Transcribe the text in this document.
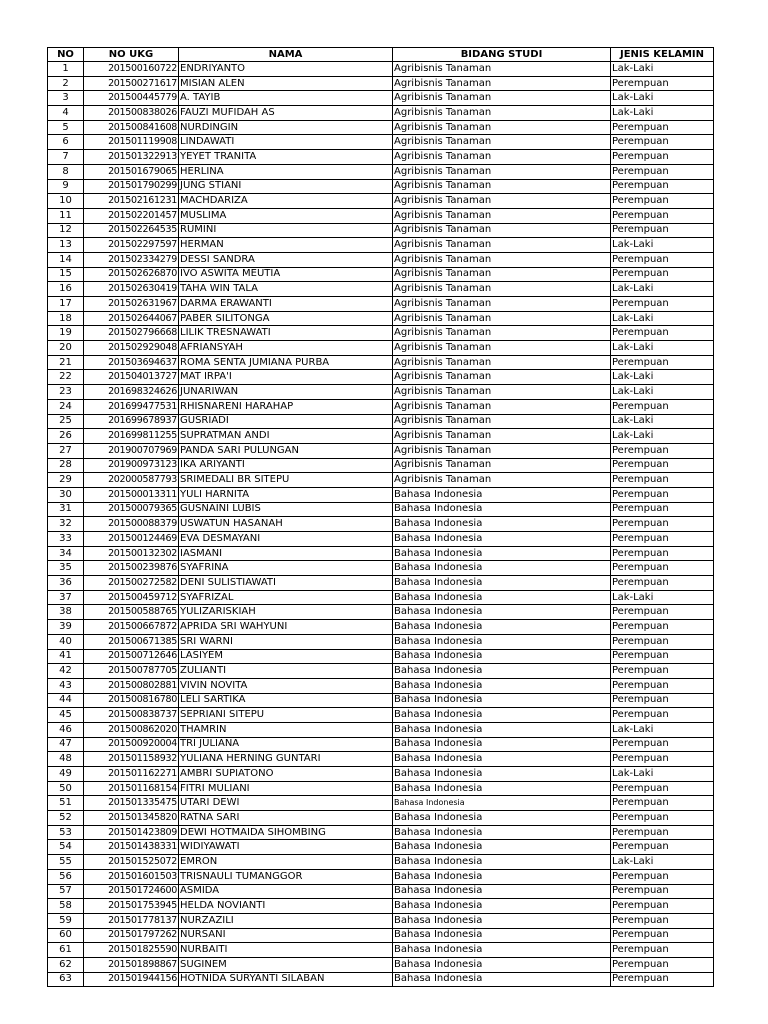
NO	NO UKG	NAMA	BIDANG STUDI	JENIS KELAMIN
1	201500160722	ENDRIYANTO	Agribisnis Tanaman	Lak-Laki
2	201500271617	MISIAN ALEN	Agribisnis Tanaman	Perempuan
3	201500445779	A. TAYIB	Agribisnis Tanaman	Lak-Laki
4	201500838026	FAUZI MUFIDAH AS	Agribisnis Tanaman	Lak-Laki
5	201500841608	NURDINGIN	Agribisnis Tanaman	Perempuan
6	201501119908	LINDAWATI	Agribisnis Tanaman	Perempuan
7	201501322913	YEYET TRANITA	Agribisnis Tanaman	Perempuan
8	201501679065	HERLINA	Agribisnis Tanaman	Perempuan
9	201501790299	JUNG STIANI	Agribisnis Tanaman	Perempuan
10	201502161231	MACHDARIZA	Agribisnis Tanaman	Perempuan
11	201502201457	MUSLIMA	Agribisnis Tanaman	Perempuan
12	201502264535	RUMINI	Agribisnis Tanaman	Perempuan
13	201502297597	HERMAN	Agribisnis Tanaman	Lak-Laki
14	201502334279	DESSI SANDRA	Agribisnis Tanaman	Perempuan
15	201502626870	IVO ASWITA MEUTIA	Agribisnis Tanaman	Perempuan
16	201502630419	TAHA WIN TALA	Agribisnis Tanaman	Lak-Laki
17	201502631967	DARMA ERAWANTI	Agribisnis Tanaman	Perempuan
18	201502644067	PABER SILITONGA	Agribisnis Tanaman	Lak-Laki
19	201502796668	LILIK TRESNAWATI	Agribisnis Tanaman	Perempuan
20	201502929048	AFRIANSYAH	Agribisnis Tanaman	Lak-Laki
21	201503694637	ROMA SENTA JUMIANA PURBA	Agribisnis Tanaman	Perempuan
22	201504013727	MAT IRPA'I	Agribisnis Tanaman	Lak-Laki
23	201698324626	JUNARIWAN	Agribisnis Tanaman	Lak-Laki
24	201699477531	RHISNARENI HARAHAP	Agribisnis Tanaman	Perempuan
25	201699678937	GUSRIADI	Agribisnis Tanaman	Lak-Laki
26	201699811255	SUPRATMAN ANDI	Agribisnis Tanaman	Lak-Laki
27	201900707969	PANDA SARI PULUNGAN	Agribisnis Tanaman	Perempuan
28	201900973123	IKA ARIYANTI	Agribisnis Tanaman	Perempuan
29	202000587793	SRIMEDALI BR SITEPU	Agribisnis Tanaman	Perempuan
30	201500013311	YULI HARNITA	Bahasa Indonesia	Perempuan
31	201500079365	GUSNAINI LUBIS	Bahasa Indonesia	Perempuan
32	201500088379	USWATUN HASANAH	Bahasa Indonesia	Perempuan
33	201500124469	EVA DESMAYANI	Bahasa Indonesia	Perempuan
34	201500132302	IASMANI	Bahasa Indonesia	Perempuan
35	201500239876	SYAFRINA	Bahasa Indonesia	Perempuan
36	201500272582	DENI SULISTIAWATI	Bahasa Indonesia	Perempuan
37	201500459712	SYAFRIZAL	Bahasa Indonesia	Lak-Laki
38	201500588765	YULIZARISKIAH	Bahasa Indonesia	Perempuan
39	201500667872	APRIDA SRI WAHYUNI	Bahasa Indonesia	Perempuan
40	201500671385	SRI WARNI	Bahasa Indonesia	Perempuan
41	201500712646	LASIYEM	Bahasa Indonesia	Perempuan
42	201500787705	ZULIANTI	Bahasa Indonesia	Perempuan
43	201500802881	VIVIN NOVITA	Bahasa Indonesia	Perempuan
44	201500816780	LELI SARTIKA	Bahasa Indonesia	Perempuan
45	201500838737	SEPRIANI SITEPU	Bahasa Indonesia	Perempuan
46	201500862020	THAMRIN	Bahasa Indonesia	Lak-Laki
47	201500920004	TRI JULIANA	Bahasa Indonesia	Perempuan
48	201501158932	YULIANA HERNING GUNTARI	Bahasa Indonesia	Perempuan
49	201501162271	AMBRI SUPIATONO	Bahasa Indonesia	Lak-Laki
50	201501168154	FITRI MULIANI	Bahasa Indonesia	Perempuan
51	201501335475	UTARI DEWI	Bahasa Indonesia	Perempuan
52	201501345820	RATNA SARI	Bahasa Indonesia	Perempuan
53	201501423809	DEWI HOTMAIDA SIHOMBING	Bahasa Indonesia	Perempuan
54	201501438331	WIDIYAWATI	Bahasa Indonesia	Perempuan
55	201501525072	EMRON	Bahasa Indonesia	Lak-Laki
56	201501601503	TRISNAULI TUMANGGOR	Bahasa Indonesia	Perempuan
57	201501724600	ASMIDA	Bahasa Indonesia	Perempuan
58	201501753945	HELDA NOVIANTI	Bahasa Indonesia	Perempuan
59	201501778137	NURZAZILI	Bahasa Indonesia	Perempuan
60	201501797262	NURSANI	Bahasa Indonesia	Perempuan
61	201501825590	NURBAITI	Bahasa Indonesia	Perempuan
62	201501898867	SUGINEM	Bahasa Indonesia	Perempuan
63	201501944156	HOTNIDA SURYANTI SILABAN	Bahasa Indonesia	Perempuan
